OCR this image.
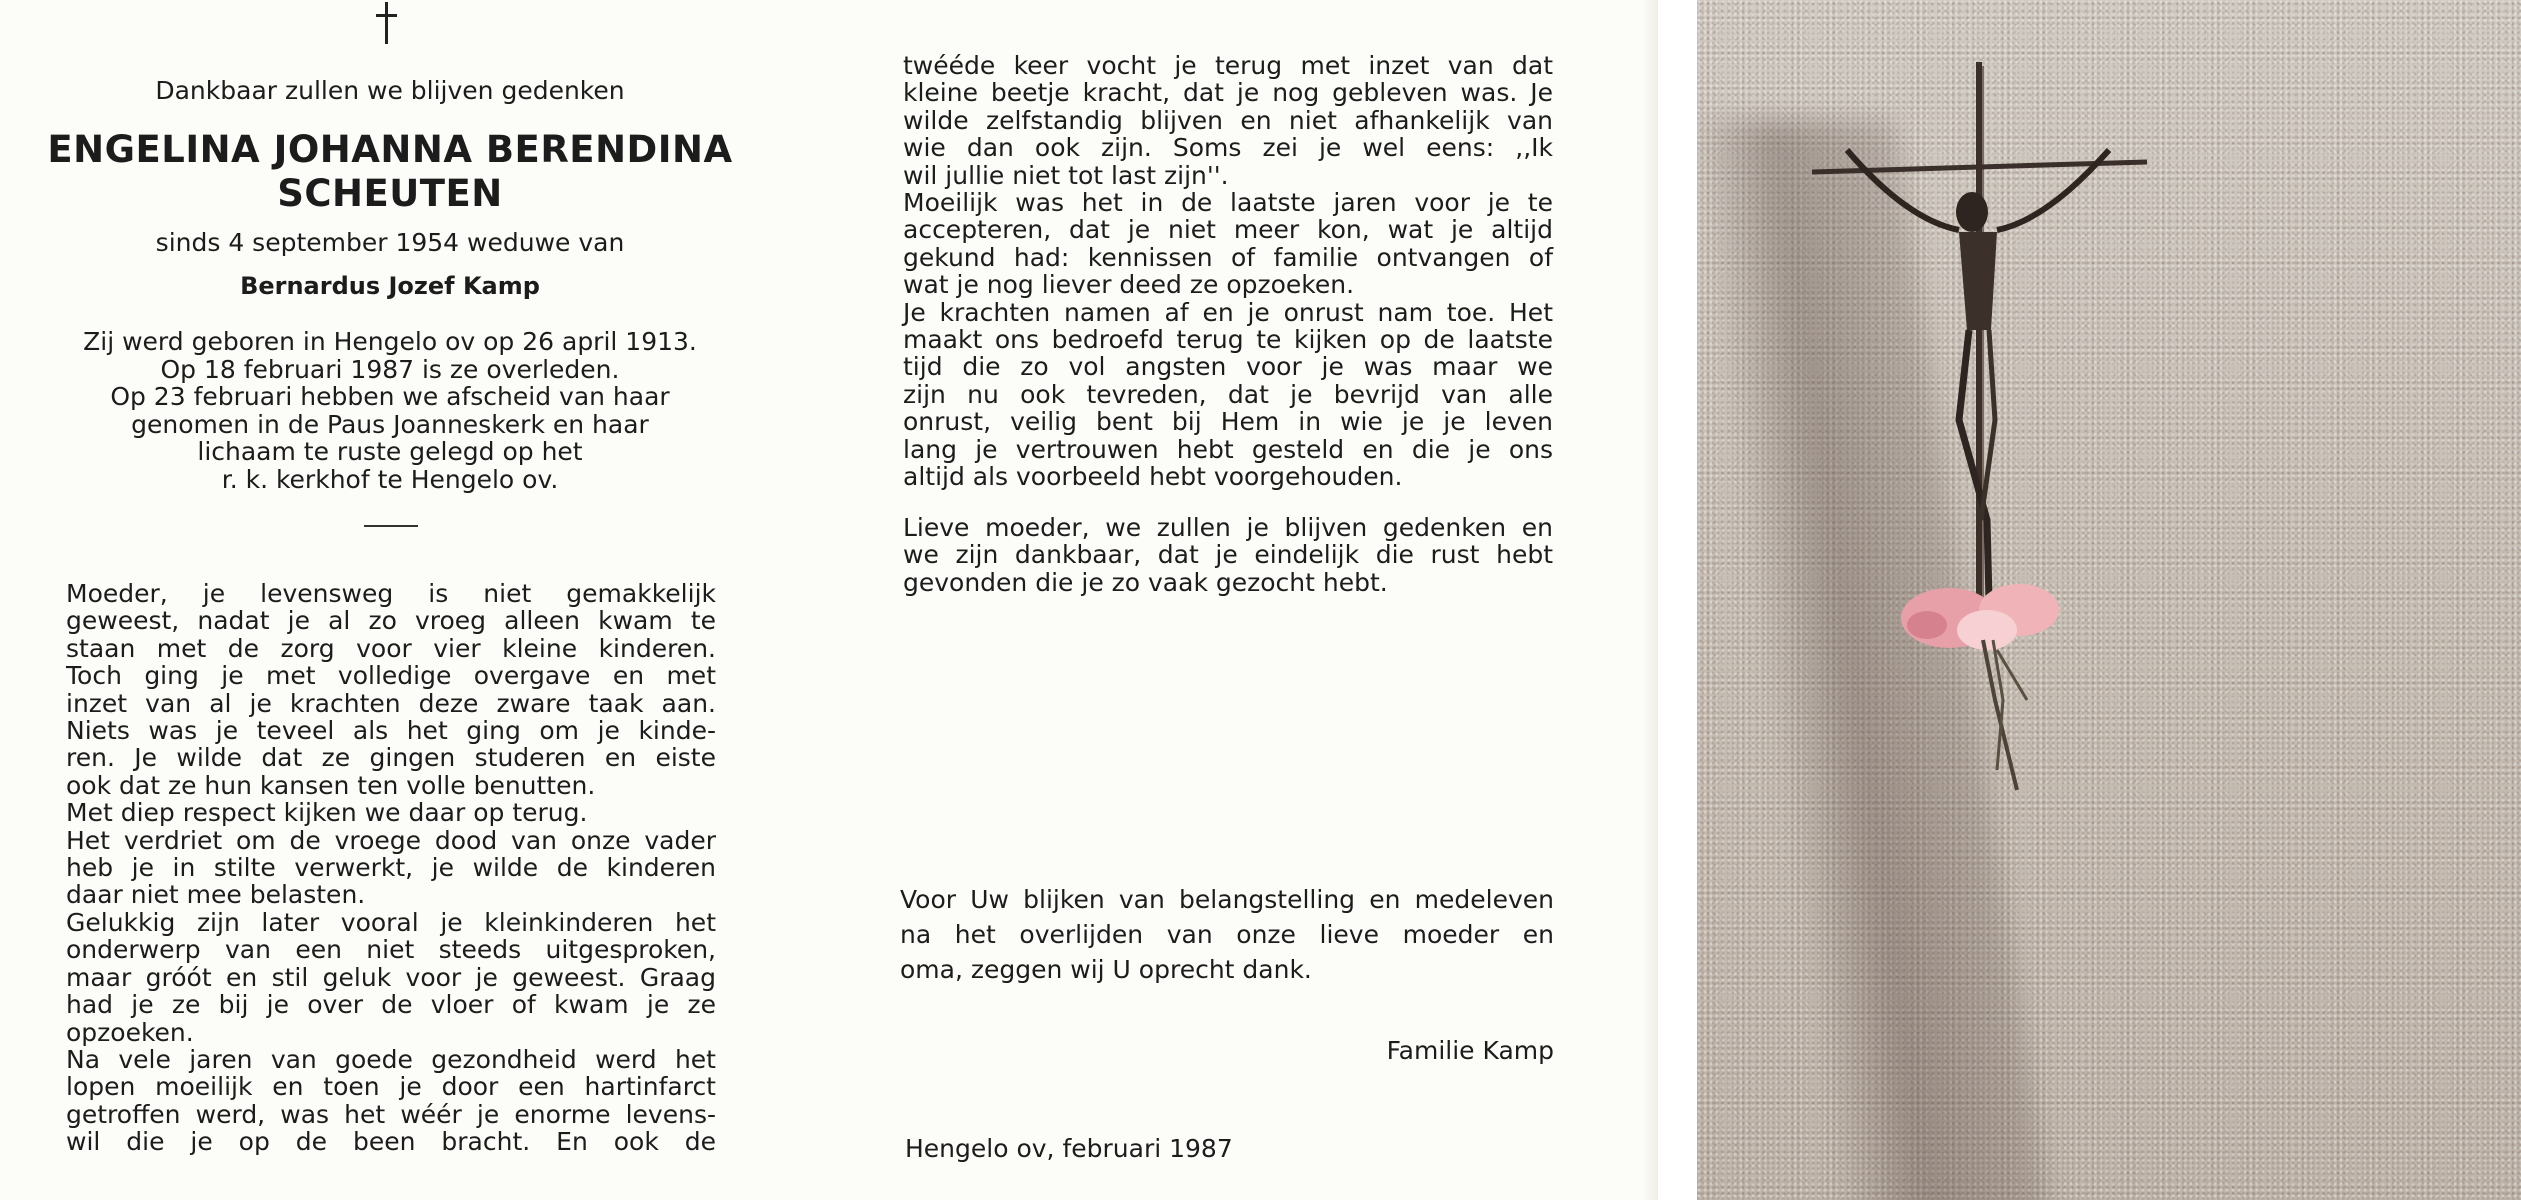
Dankbaar zullen we blijven gedenken

ENGELINA JOHANNA BERENDINA

SCHEUTEN

sinds 4 september 1954 weduwe van

Bernardus Jozef Kamp

Zij werd geboren in Hengelo ov op 26 april 1913.
Op 18 februari 1987 is ze overleden.
Op 23 februari hebben we afscheid van haar
genomen in de Paus Joanneskerk en haar
lichaam te ruste gelegd op het
r. k. kerkhof te Hengelo ov.
Moeder, je levensweg is niet gemakkelijk
geweest, nadat je al zo vroeg alleen kwam te
staan met de zorg voor vier kleine kinderen.
Toch ging je met volledige overgave en met
inzet van al je krachten deze zware taak aan.
Niets was je teveel als het ging om je kinde-
ren. Je wilde dat ze gingen studeren en eiste
ook dat ze hun kansen ten volle benutten.
Met diep respect kijken we daar op terug.
Het verdriet om de vroege dood van onze vader
heb je in stilte verwerkt, je wilde de kinderen
daar niet mee belasten.
Gelukkig zijn later vooral je kleinkinderen het
onderwerp van een niet steeds uitgesproken,
maar gróót en stil geluk voor je geweest. Graag
had je ze bij je over de vloer of kwam je ze
opzoeken.
Na vele jaren van goede gezondheid werd het
lopen moeilijk en toen je door een hartinfarct
getroffen werd, was het wéér je enorme levens-
wil die je op de been bracht. En ook de
twééde keer vocht je terug met inzet van dat
kleine beetje kracht, dat je nog gebleven was. Je
wilde zelfstandig blijven en niet afhankelijk van
wie dan ook zijn. Soms zei je wel eens: ,,Ik
wil jullie niet tot last zijn''.
Moeilijk was het in de laatste jaren voor je te
accepteren, dat je niet meer kon, wat je altijd
gekund had: kennissen of familie ontvangen of
wat je nog liever deed ze opzoeken.
Je krachten namen af en je onrust nam toe. Het
maakt ons bedroefd terug te kijken op de laatste
tijd die zo vol angsten voor je was maar we
zijn nu ook tevreden, dat je bevrijd van alle
onrust, veilig bent bij Hem in wie je je leven
lang je vertrouwen hebt gesteld en die je ons
altijd als voorbeeld hebt voorgehouden.
Lieve moeder, we zullen je blijven gedenken en
we zijn dankbaar, dat je eindelijk die rust hebt
gevonden die je zo vaak gezocht hebt.
Voor Uw blijken van belangstelling en medeleven
na het overlijden van onze lieve moeder en
oma, zeggen wij U oprecht dank.
Familie Kamp
Hengelo ov, februari 1987
